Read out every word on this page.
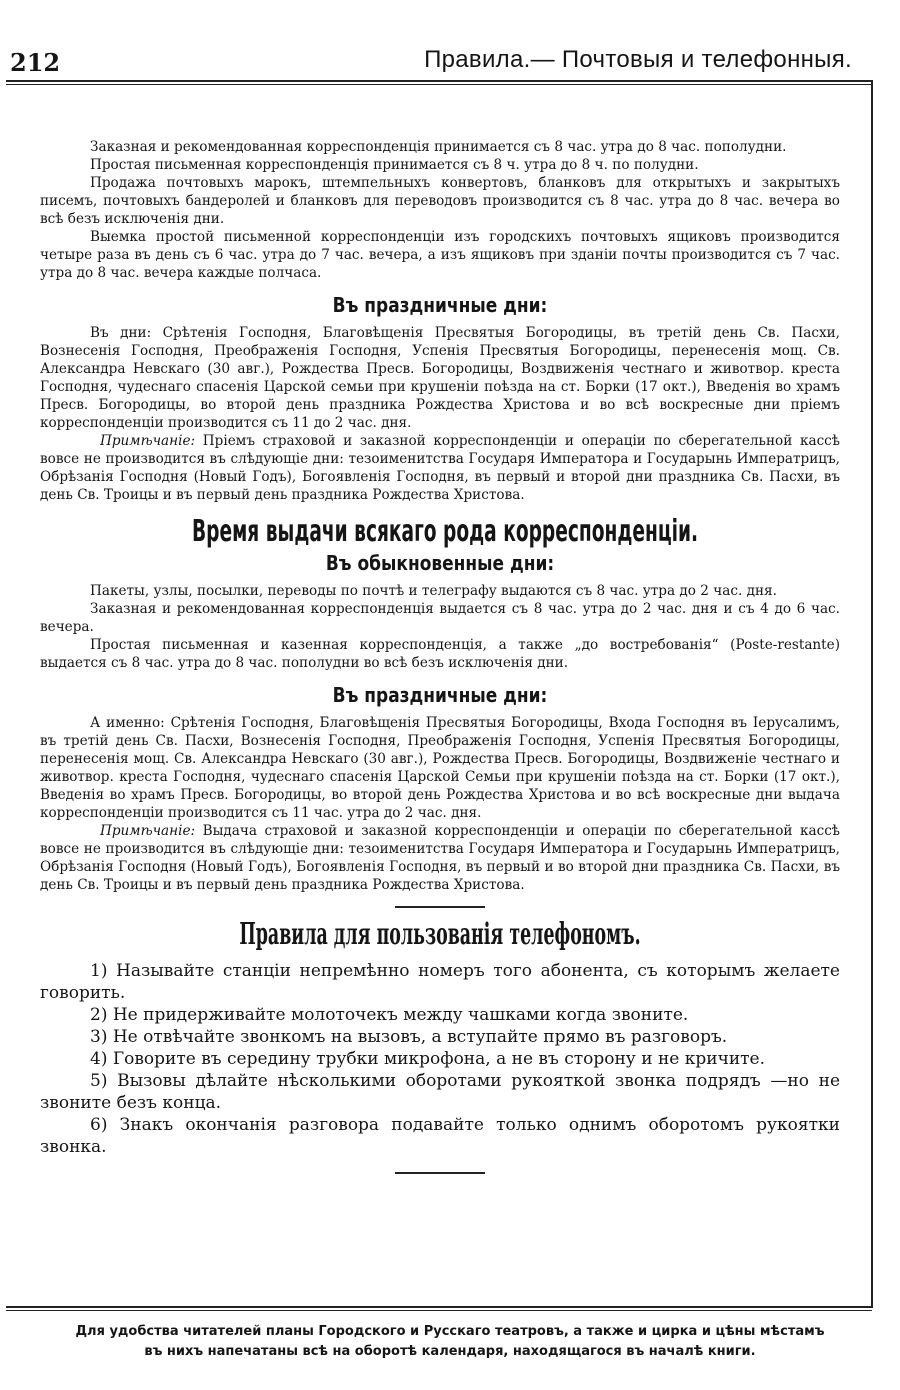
212	Правила.— Почтовыя и телефонныя.

Заказная и рекомендованная корреспонденція принимается съ 8 час. утра до 8 час. пополудни.

Простая письменная корреспонденція принимается съ 8 ч. утра до 8 ч. по полудни.

Продажа почтовыхъ марокъ, штемпельныхъ конвертовъ, бланковъ для открытыхъ и закрытыхъ писемъ, почтовыхъ бандеролей и бланковъ для переводовъ производится съ 8 час. утра до 8 час. вечера во всѣ безъ исключенія дни.

Выемка простой письменной корреспонденціи изъ городскихъ почтовыхъ ящиковъ производится четыре раза въ день съ 6 час. утра до 7 час. вечера, а изъ ящиковъ при зданіи почты производится съ 7 час. утра до 8 час. вечера каждые полчаса.

Въ праздничные дни:

Въ дни: Срѣтенія Господня, Благовѣщенія Пресвятыя Богородицы, въ третій день Св. Пасхи, Вознесенія Господня, Преображенія Господня, Успенія Пресвятыя Богородицы, перенесенія мощ. Св. Александра Невскаго (30 авг.), Рождества Пресв. Богородицы, Воздвиженія честнаго и животвор. креста Господня, чудеснаго спасенія Царской семьи при крушеніи поѣзда на ст. Борки (17 окт.), Введенія во храмъ Пресв. Богородицы, во второй день праздника Рождества Христова и во всѣ воскресные дни пріемъ корреспонденціи производится съ 11 до 2 час. дня.

Примѣчаніе: Пріемъ страховой и заказной корреспонденціи и операціи по сберегательной кассѣ вовсе не производится въ слѣдующіе дни: тезоименитства Государя Императора и Государынь Императрицъ, Обрѣзанія Господня (Новый Годъ), Богоявленія Господня, въ первый и второй дни праздника Св. Пасхи, въ день Св. Троицы и въ первый день праздника Рождества Христова.

Время выдачи всякаго рода корреспонденціи.
Въ обыкновенные дни:

Пакеты, узлы, посылки, переводы по почтѣ и телеграфу выдаются съ 8 час. утра до 2 час. дня.

Заказная и рекомендованная корреспонденція выдается съ 8 час. утра до 2 час. дня и съ 4 до 6 час. вечера.

Простая письменная и казенная корреспонденція, а также „до востребованія“ (Poste-restante) выдается съ 8 час. утра до 8 час. пополудни во всѣ безъ исключенія дни.

Въ праздничные дни:

А именно: Срѣтенія Господня, Благовѣщенія Пресвятыя Богородицы, Входа Господня въ Іерусалимъ, въ третій день Св. Пасхи, Вознесенія Господня, Преображенія Господня, Успенія Пресвятыя Богородицы, перенесенія мощ. Св. Александра Невскаго (30 авг.), Рождества Пресв. Богородицы, Воздвиженіе честнаго и животвор. креста Господня, чудеснаго спасенія Царской Семьи при крушеніи поѣзда на ст. Борки (17 окт.), Введенія во храмъ Пресв. Богородицы, во второй день Рождества Христова и во всѣ воскресные дни выдача корреспонденціи производится съ 11 час. утра до 2 час. дня.

Примѣчаніе: Выдача страховой и заказной корреспонденціи и операціи по сберегательной кассѣ вовсе не производится въ слѣдующіе дни: тезоименитства Государя Императора и Государынь Императрицъ, Обрѣзанія Господня (Новый Годъ), Богоявленія Господня, въ первый и во второй дни праздника Св. Пасхи, въ день Св. Троицы и въ первый день праздника Рождества Христова.

Правила для пользованія телефономъ.

1) Называйте станціи непремѣнно номеръ того абонента, съ которымъ желаете говорить.

2) Не придерживайте молоточекъ между чашками когда звоните.

3) Не отвѣчайте звонкомъ на вызовъ, а вступайте прямо въ разговоръ.

4) Говорите въ середину трубки микрофона, а не въ сторону и не кричите.

5) Вызовы дѣлайте нѣсколькими оборотами рукояткой звонка подрядъ —но не звоните безъ конца.

6) Знакъ окончанія разговора подавайте только однимъ оборотомъ рукоятки звонка.

Для удобства читателей планы Городского и Русскаго театровъ, а также и цирка и цѣны мѣстамъ
въ нихъ напечатаны всѣ на оборотѣ календаря, находящагося въ началѣ книги.
